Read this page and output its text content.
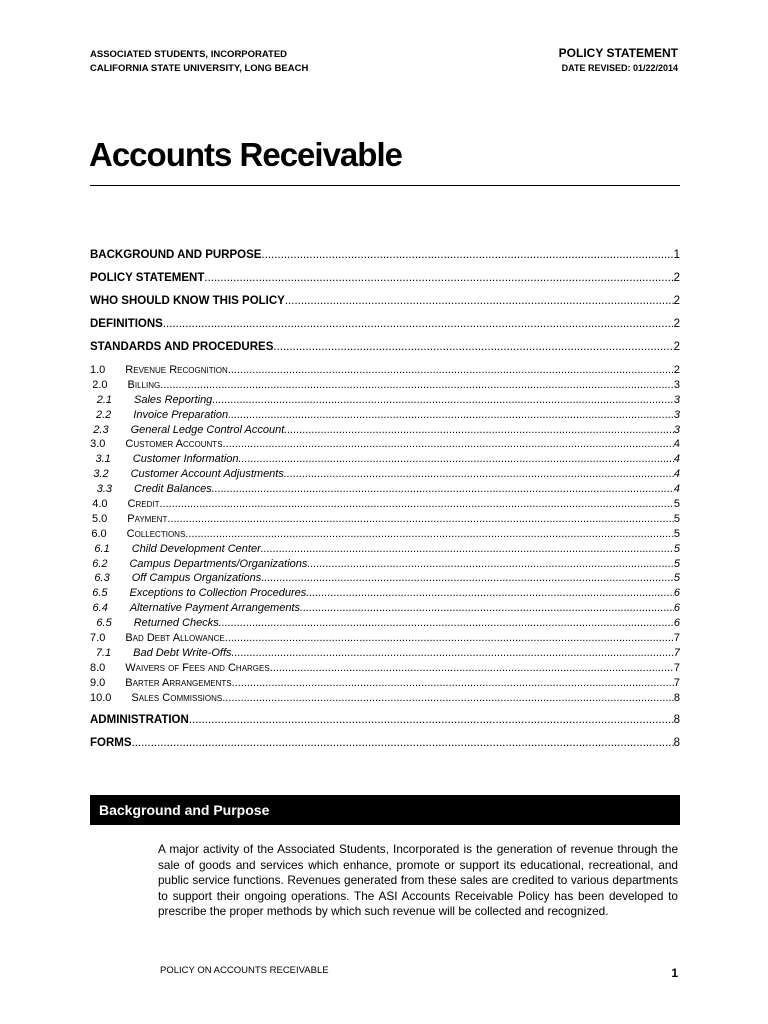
ASSOCIATED STUDENTS, INCORPORATED
CALIFORNIA STATE UNIVERSITY, LONG BEACH
POLICY STATEMENT
DATE REVISED: 01/22/2014
Accounts Receivable
BACKGROUND AND PURPOSE .....	1
POLICY STATEMENT .....	2
WHO SHOULD KNOW THIS POLICY .....	2
DEFINITIONS .....	2
STANDARDS AND PROCEDURES .....	2
1.0 Revenue Recognition .....	2
2.0 Billing .....	3
2.1 Sales Reporting .....	3
2.2 Invoice Preparation .....	3
2.3 General Ledge Control Account .....	3
3.0 Customer Accounts .....	4
3.1 Customer Information .....	4
3.2 Customer Account Adjustments .....	4
3.3 Credit Balances .....	4
4.0 Credit .....	5
5.0 Payment .....	5
6.0 Collections .....	5
6.1 Child Development Center .....	5
6.2 Campus Departments/Organizations .....	5
6.3 Off Campus Organizations .....	5
6.5 Exceptions to Collection Procedures .....	6
6.4 Alternative Payment Arrangements .....	6
6.5 Returned Checks .....	6
7.0 Bad Debt Allowance .....	7
7.1 Bad Debt Write-Offs .....	7
8.0 Waivers of Fees and Charges .....	7
9.0 Barter Arrangements .....	7
10.0 Sales Commissions .....	8
ADMINISTRATION .....	8
FORMS .....	8
Background and Purpose
A major activity of the Associated Students, Incorporated is the generation of revenue through the sale of goods and services which enhance, promote or support its educational, recreational, and public service functions. Revenues generated from these sales are credited to various departments to support their ongoing operations. The ASI Accounts Receivable Policy has been developed to prescribe the proper methods by which such revenue will be collected and recognized.
POLICY ON ACCOUNTS RECEIVABLE	1
